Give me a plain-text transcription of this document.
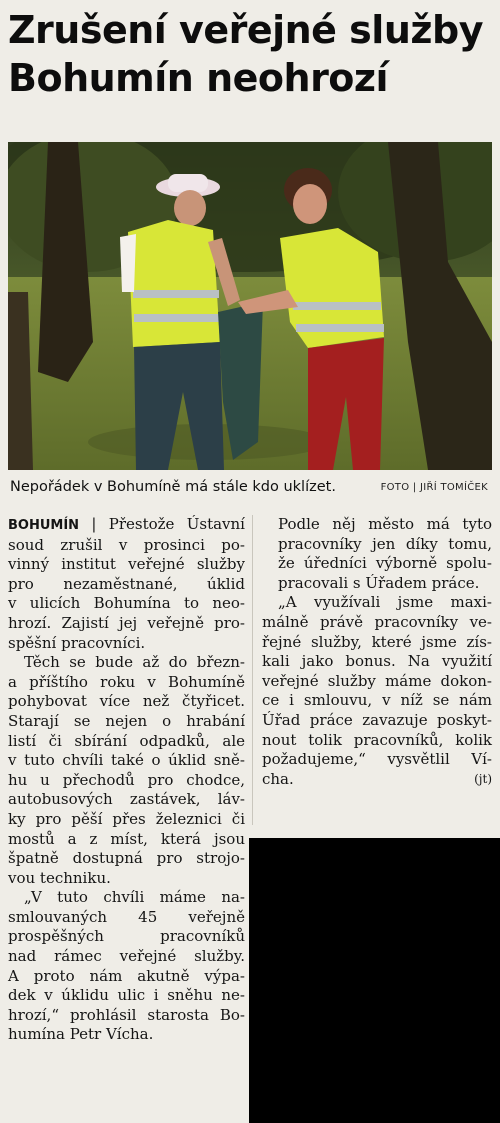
Zrušení veřejné služby
Bohumín neohrozí
Nepořádek v Bohumíně má stále kdo uklízet.	FOTO | JIŘÍ TOMÍČEK

BOHUMÍN | Přestože Ústavní
soud zrušil v prosinci po-
vinný institut veřejné služby
pro nezaměstnané, úklid
v ulicích Bohumína to neo-
hrozí. Zajistí jej veřejně pro-
spěšní pracovníci.

Těch se bude až do březn-
a příštího roku v Bohumíně
pohybovat více než čtyřicet.
Starají se nejen o hrabání
listí či sbírání odpadků, ale
v tuto chvíli také o úklid sně-
hu u přechodů pro chodce,
autobusových zastávek, láv-
ky pro pěší přes železnici či
mostů a z míst, která jsou
špatně dostupná pro strojo-
vou techniku.

„V tuto chvíli máme na-
smlouvaných 45 veřejně
prospěšných pracovníků
nad rámec veřejné služby.
A proto nám akutně výpa-
dek v úklidu ulic i sněhu ne-
hrozí,“ prohlásil starosta Bo-
humína Petr Vícha.

Podle něj město má tyto
pracovníky jen díky tomu,
že úředníci výborně spolu-
pracovali s Úřadem práce.

„A využívali jsme maxi-
málně právě pracovníky ve-
řejné služby, které jsme zís-
kali jako bonus. Na využití
veřejné služby máme dokon-
ce i smlouvu, v níž se nám
Úřad práce zavazuje poskyt-
nout tolik pracovníků, kolik
požadujeme,“ vysvětlil Ví-
cha.	(jt)
